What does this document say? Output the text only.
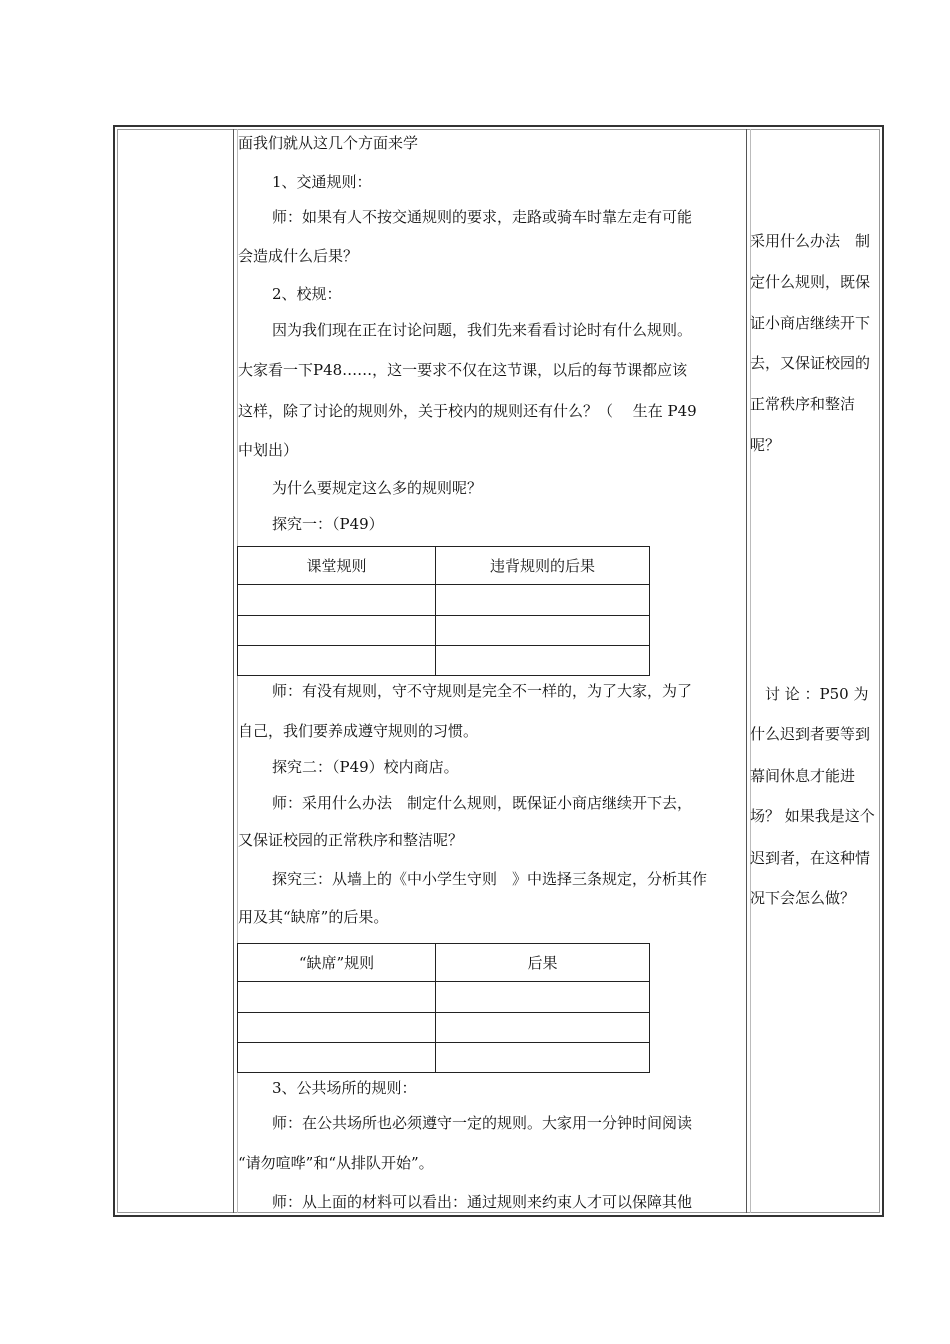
面我们就从这几个方面来学
1、交通规则：
师：如果有人不按交通规则的要求，走路或骑车时靠左走有可能
会造成什么后果？
2、校规：
因为我们现在正在讨论问题，我们先来看看讨论时有什么规则。
大家看一下P48……，这一要求不仅在这节课，以后的每节课都应该
这样，除了讨论的规则外，关于校内的规则还有什么？（　 生在 P49
中划出）
为什么要规定这么多的规则呢？
探究一：（P49）
课堂规则	违背规则的后果

师：有没有规则，守不守规则是完全不一样的，为了大家，为了
自己，我们要养成遵守规则的习惯。
探究二：（P49）校内商店。
师：采用什么办法　制定什么规则，既保证小商店继续开下去，
又保证校园的正常秩序和整洁呢？
探究三：从墙上的《中小学生守则　》中选择三条规定，分析其作
用及其“缺席”的后果。
“缺席”规则	后果

3、公共场所的规则：
师：在公共场所也必须遵守一定的规则。大家用一分钟时间阅读
“请勿喧哗”和“从排队开始”。
师：从上面的材料可以看出：通过规则来约束人才可以保障其他
采用什么办法　制
定什么规则，既保
证小商店继续开下
去，又保证校园的
正常秩序和整洁
呢？
　讨 论 ：P50 为
什么迟到者要等到
幕间休息才能进
场？ 如果我是这个
迟到者，在这种情
况下会怎么做？
